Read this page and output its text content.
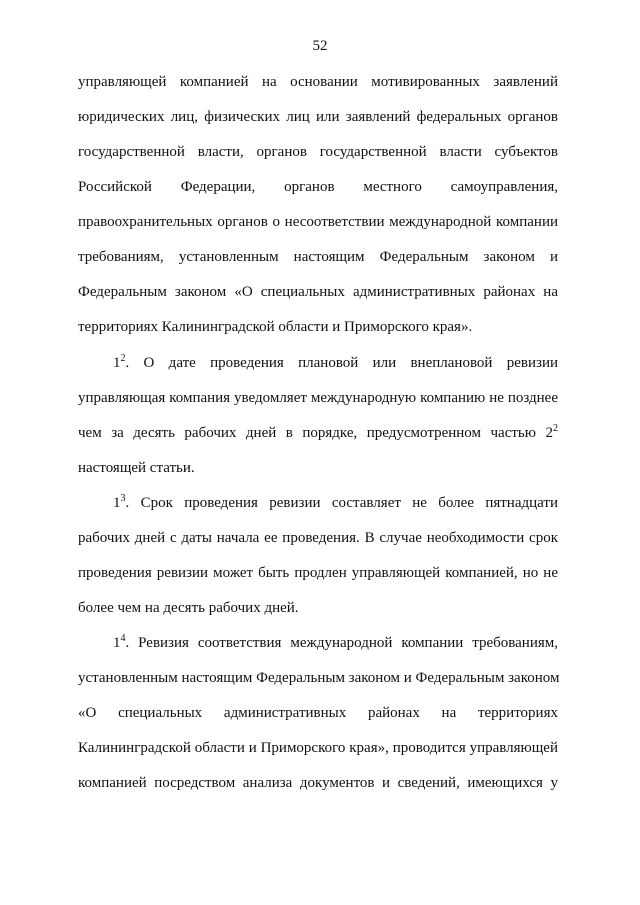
52
управляющей компанией на основании мотивированных заявлений
юридических лиц, физических лиц или заявлений федеральных органов
государственной власти, органов государственной власти субъектов
Российской Федерации, органов местного самоуправления,
правоохранительных органов о несоответствии международной компании
требованиям, установленным настоящим Федеральным законом и
Федеральным законом «О специальных административных районах на
территориях Калининградской области и Приморского края».
$1^2$. О дате проведения плановой или внеплановой ревизии
управляющая компания уведомляет международную компанию не позднее
чем за десять рабочих дней в порядке, предусмотренном частью $2^2$
настоящей статьи.
$1^3$. Срок проведения ревизии составляет не более пятнадцати
рабочих дней с даты начала ее проведения. В случае необходимости срок
проведения ревизии может быть продлен управляющей компанией, но не
более чем на десять рабочих дней.
$1^4$. Ревизия соответствия международной компании требованиям,
установленным настоящим Федеральным законом и Федеральным законом
«О специальных административных районах на территориях
Калининградской области и Приморского края», проводится управляющей
компанией посредством анализа документов и сведений, имеющихся у
